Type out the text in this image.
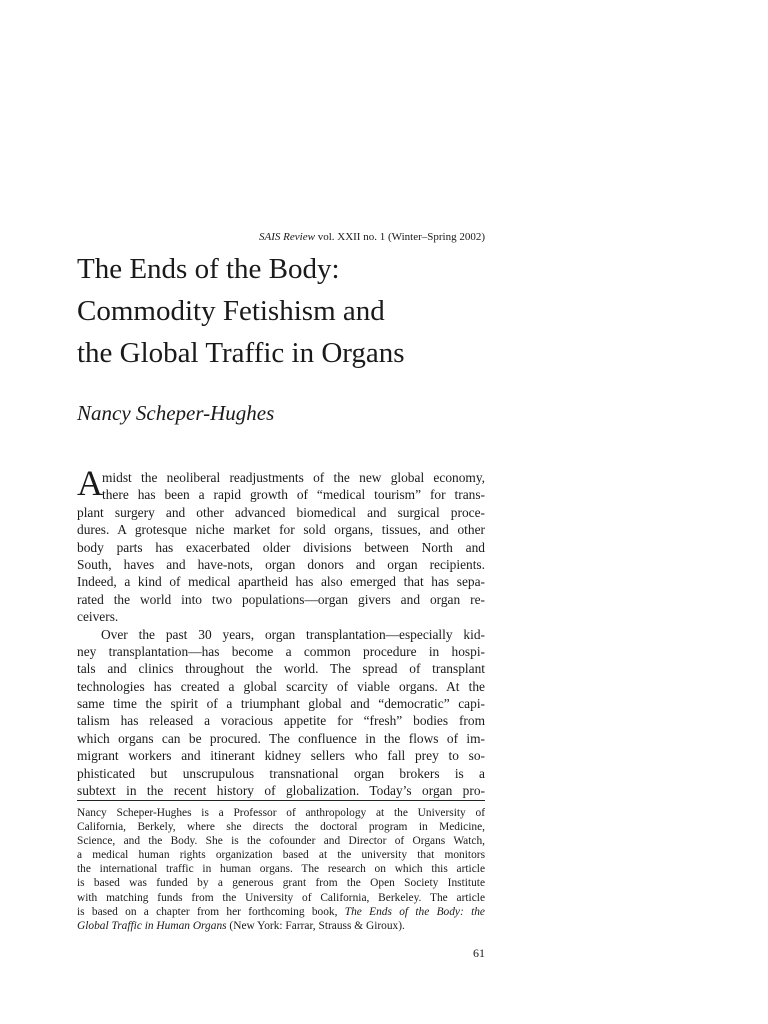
SAIS Review vol. XXII no. 1 (Winter–Spring 2002)
The Ends of the Body:
Commodity Fetishism and
the Global Traffic in Organs

Nancy Scheper-Hughes

A midst the neoliberal readjustments of the new global economy,
there has been a rapid growth of “medical tourism” for trans-
plant surgery and other advanced biomedical and surgical proce-
dures. A grotesque niche market for sold organs, tissues, and other
body parts has exacerbated older divisions between North and
South, haves and have-nots, organ donors and organ recipients.
Indeed, a kind of medical apartheid has also emerged that has sepa-
rated the world into two populations—organ givers and organ re-
ceivers.
Over the past 30 years, organ transplantation—especially kid-
ney transplantation—has become a common procedure in hospi-
tals and clinics throughout the world. The spread of transplant
technologies has created a global scarcity of viable organs. At the
same time the spirit of a triumphant global and “democratic” capi-
talism has released a voracious appetite for “fresh” bodies from
which organs can be procured. The confluence in the flows of im-
migrant workers and itinerant kidney sellers who fall prey to so-
phisticated but unscrupulous transnational organ brokers is a
subtext in the recent history of globalization. Today’s organ pro-
Nancy Scheper-Hughes is a Professor of anthropology at the University of
California, Berkely, where she directs the doctoral program in Medicine,
Science, and the Body. She is the cofounder and Director of Organs Watch,
a medical human rights organization based at the university that monitors
the international traffic in human organs. The research on which this article
is based was funded by a generous grant from the Open Society Institute
with matching funds from the University of California, Berkeley. The article
is based on a chapter from her forthcoming book, The Ends of the Body: the
Global Traffic in Human Organs (New York: Farrar, Strauss & Giroux).
61
